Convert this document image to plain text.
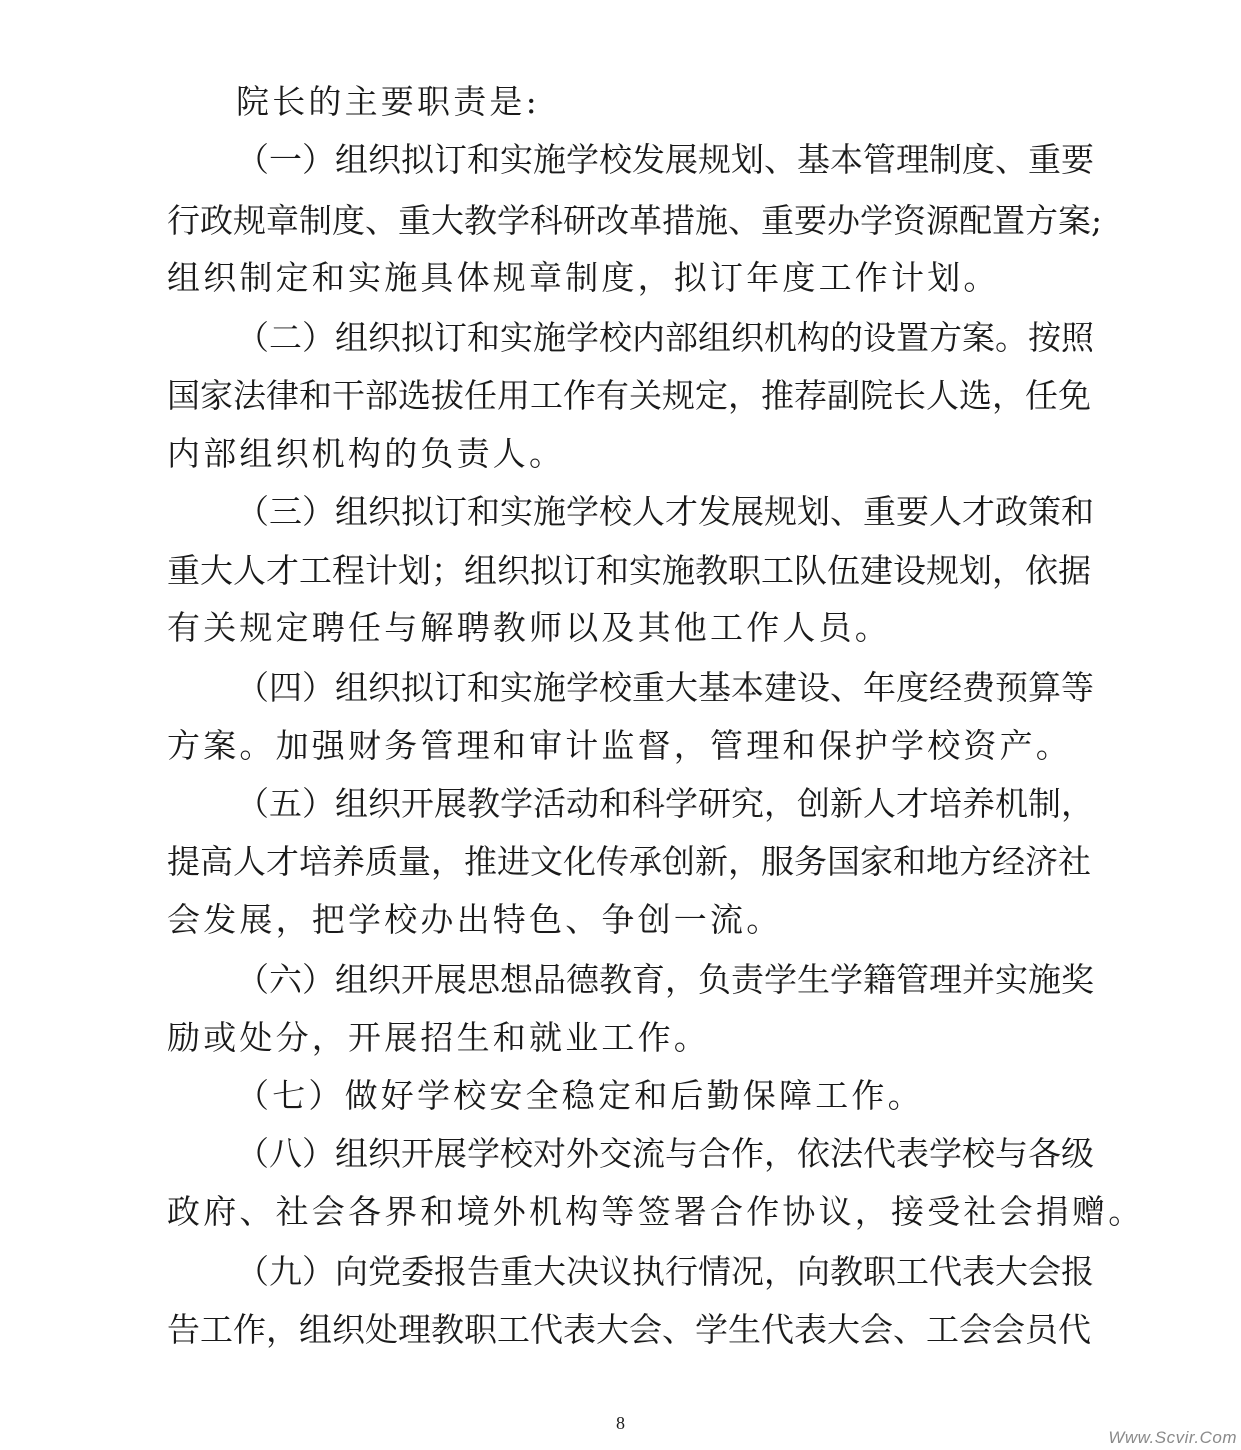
院长的主要职责是:
（一）组织拟订和实施学校发展规划、基本管理制度、重要
行政规章制度、重大教学科研改革措施、重要办学资源配置方案;
组织制定和实施具体规章制度，拟订年度工作计划。
（二）组织拟订和实施学校内部组织机构的设置方案。按照
国家法律和干部选拔任用工作有关规定，推荐副院长人选，任免
内部组织机构的负责人。
（三）组织拟订和实施学校人才发展规划、重要人才政策和
重大人才工程计划；组织拟订和实施教职工队伍建设规划，依据
有关规定聘任与解聘教师以及其他工作人员。
（四）组织拟订和实施学校重大基本建设、年度经费预算等
方案。加强财务管理和审计监督，管理和保护学校资产。
（五）组织开展教学活动和科学研究，创新人才培养机制，
提高人才培养质量，推进文化传承创新，服务国家和地方经济社
会发展，把学校办出特色、争创一流。
（六）组织开展思想品德教育，负责学生学籍管理并实施奖
励或处分，开展招生和就业工作。
（七）做好学校安全稳定和后勤保障工作。
（八）组织开展学校对外交流与合作，依法代表学校与各级
政府、社会各界和境外机构等签署合作协议，接受社会捐赠。
（九）向党委报告重大决议执行情况，向教职工代表大会报
告工作，组织处理教职工代表大会、学生代表大会、工会会员代
8
Www.Scvir.Com
